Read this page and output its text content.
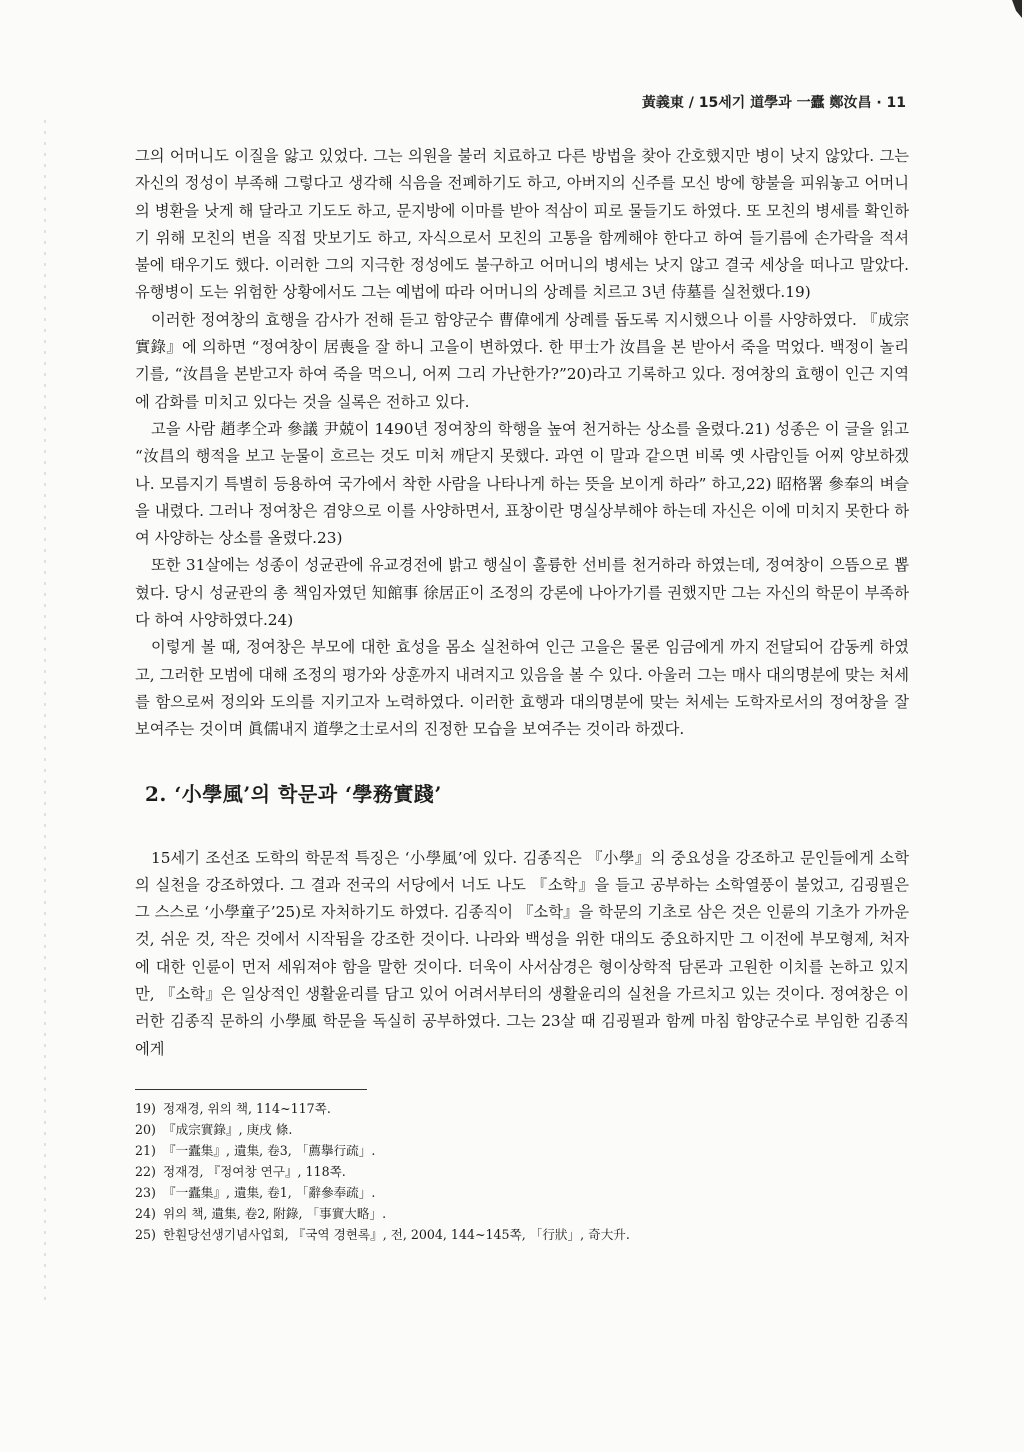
黃義東 / 15세기 道學과 一蠹 鄭汝昌 · 11

그의 어머니도 이질을 앓고 있었다. 그는 의원을 불러 치료하고 다른 방법을 찾아 간호했지만 병이 낫지 않았다. 그는 자신의 정성이 부족해 그렇다고 생각해 식음을 전폐하기도 하고, 아버지의 신주를 모신 방에 향불을 피워놓고 어머니의 병환을 낫게 해 달라고 기도도 하고, 문지방에 이마를 받아 적삼이 피로 물들기도 하였다. 또 모친의 병세를 확인하기 위해 모친의 변을 직접 맛보기도 하고, 자식으로서 모친의 고통을 함께해야 한다고 하여 들기름에 손가락을 적셔 불에 태우기도 했다. 이러한 그의 지극한 정성에도 불구하고 어머니의 병세는 낫지 않고 결국 세상을 떠나고 말았다. 유행병이 도는 위험한 상황에서도 그는 예법에 따라 어머니의 상례를 치르고 3년 侍墓를 실천했다.19)

이러한 정여창의 효행을 감사가 전해 듣고 함양군수 曹偉에게 상례를 돕도록 지시했으나 이를 사양하였다. 『成宗實錄』에 의하면 “정여창이 居喪을 잘 하니 고을이 변하였다. 한 甲士가 汝昌을 본 받아서 죽을 먹었다. 백정이 놀리기를, “汝昌을 본받고자 하여 죽을 먹으니, 어찌 그리 가난한가?”20)라고 기록하고 있다. 정여창의 효행이 인근 지역에 감화를 미치고 있다는 것을 실록은 전하고 있다.

고을 사람 趙孝仝과 參議 尹兢이 1490년 정여창의 학행을 높여 천거하는 상소를 올렸다.21) 성종은 이 글을 읽고 “汝昌의 행적을 보고 눈물이 흐르는 것도 미처 깨닫지 못했다. 과연 이 말과 같으면 비록 옛 사람인들 어찌 양보하겠나. 모름지기 특별히 등용하여 국가에서 착한 사람을 나타나게 하는 뜻을 보이게 하라” 하고,22) 昭格署 參奉의 벼슬을 내렸다. 그러나 정여창은 겸양으로 이를 사양하면서, 표창이란 명실상부해야 하는데 자신은 이에 미치지 못한다 하여 사양하는 상소를 올렸다.23)

또한 31살에는 성종이 성균관에 유교경전에 밝고 행실이 훌륭한 선비를 천거하라 하였는데, 정여창이 으뜸으로 뽑혔다. 당시 성균관의 총 책임자였던 知館事 徐居正이 조정의 강론에 나아가기를 권했지만 그는 자신의 학문이 부족하다 하여 사양하였다.24)

이렇게 볼 때, 정여창은 부모에 대한 효성을 몸소 실천하여 인근 고을은 물론 임금에게 까지 전달되어 감동케 하였고, 그러한 모범에 대해 조정의 평가와 상훈까지 내려지고 있음을 볼 수 있다. 아울러 그는 매사 대의명분에 맞는 처세를 함으로써 정의와 도의를 지키고자 노력하였다. 이러한 효행과 대의명분에 맞는 처세는 도학자로서의 정여창을 잘 보여주는 것이며 眞儒내지 道學之士로서의 진정한 모습을 보여주는 것이라 하겠다.

2. ‘小學風’의 학문과 ‘學務實踐’

15세기 조선조 도학의 학문적 특징은 ‘小學風’에 있다. 김종직은 『小學』의 중요성을 강조하고 문인들에게 소학의 실천을 강조하였다. 그 결과 전국의 서당에서 너도 나도 『소학』을 들고 공부하는 소학열풍이 불었고, 김굉필은 그 스스로 ‘小學童子’25)로 자처하기도 하였다. 김종직이 『소학』을 학문의 기초로 삼은 것은 인륜의 기초가 가까운 것, 쉬운 것, 작은 것에서 시작됨을 강조한 것이다. 나라와 백성을 위한 대의도 중요하지만 그 이전에 부모형제, 처자에 대한 인륜이 먼저 세워져야 함을 말한 것이다. 더욱이 사서삼경은 형이상학적 담론과 고원한 이치를 논하고 있지만, 『소학』은 일상적인 생활윤리를 담고 있어 어려서부터의 생활윤리의 실천을 가르치고 있는 것이다. 정여창은 이러한 김종직 문하의 小學風 학문을 독실히 공부하였다. 그는 23살 때 김굉필과 함께 마침 함양군수로 부임한 김종직에게

19) 정재경, 위의 책, 114~117쪽.
20) 『成宗實錄』, 庚戌 條.
21) 『一蠹集』, 遺集, 卷3, 「薦擧行疏」.
22) 정재경, 『정여창 연구』, 118쪽.
23) 『一蠹集』, 遺集, 卷1, 「辭參奉疏」.
24) 위의 책, 遺集, 卷2, 附錄, 「事實大略」.
25) 한훤당선생기념사업회, 『국역 경현록』, 전, 2004, 144~145쪽, 「行狀」, 奇大升.
